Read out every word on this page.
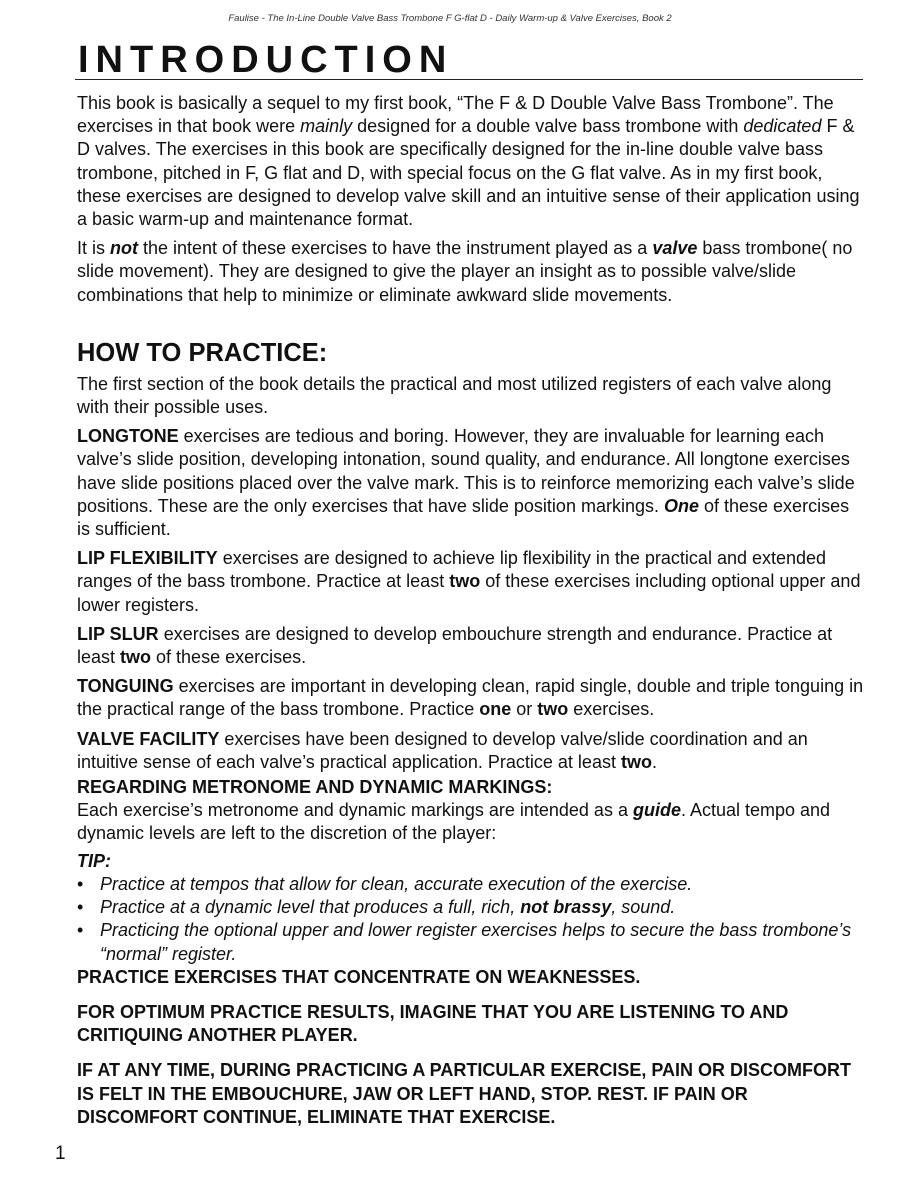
Faulise - The In-Line Double Valve Bass Trombone F G-flat D - Daily Warm-up & Valve Exercises, Book 2
INTRODUCTION

This book is basically a sequel to my first book, “The F & D Double Valve Bass Trombone”. The exercises in that book were mainly designed for a double valve bass trombone with dedicated F & D valves. The exercises in this book are specifically designed for the in-line double valve bass trombone, pitched in F, G flat and D, with special focus on the G flat valve. As in my first book, these exercises are designed to develop valve skill and an intuitive sense of their application using a basic warm-up and maintenance format.

It is not the intent of these exercises to have the instrument played as a valve bass trombone( no slide movement). They are designed to give the player an insight as to possible valve/slide combinations that help to minimize or eliminate awkward slide movements.

HOW TO PRACTICE:

The first section of the book details the practical and most utilized registers of each valve along with their possible uses.

LONGTONE exercises are tedious and boring. However, they are invaluable for learning each valve’s slide position, developing intonation, sound quality, and endurance. All longtone exercises have slide positions placed over the valve mark. This is to reinforce memorizing each valve’s slide positions. These are the only exercises that have slide position markings. One of these exercises is sufficient.

LIP FLEXIBILITY exercises are designed to achieve lip flexibility in the practical and extended ranges of the bass trombone. Practice at least two of these exercises including optional upper and lower registers.

LIP SLUR exercises are designed to develop embouchure strength and endurance. Practice at least two of these exercises.

TONGUING exercises are important in developing clean, rapid single, double and triple tonguing in the practical range of the bass trombone. Practice one or two exercises.

VALVE FACILITY exercises have been designed to develop valve/slide coordination and an intuitive sense of each valve’s practical application. Practice at least two.

REGARDING METRONOME AND DYNAMIC MARKINGS:

Each exercise’s metronome and dynamic markings are intended as a guide. Actual tempo and dynamic levels are left to the discretion of the player:

TIP:
• Practice at tempos that allow for clean, accurate execution of the exercise.
• Practice at a dynamic level that produces a full, rich, not brassy, sound.
• Practicing the optional upper and lower register exercises helps to secure the bass trombone’s “normal” register.

PRACTICE EXERCISES THAT CONCENTRATE ON WEAKNESSES.

FOR OPTIMUM PRACTICE RESULTS, IMAGINE THAT YOU ARE LISTENING TO AND CRITIQUING ANOTHER PLAYER.

IF AT ANY TIME, DURING PRACTICING A PARTICULAR EXERCISE, PAIN OR DISCOMFORT IS FELT IN THE EMBOUCHURE, JAW OR LEFT HAND, STOP. REST. IF PAIN OR DISCOMFORT CONTINUE, ELIMINATE THAT EXERCISE.

1
